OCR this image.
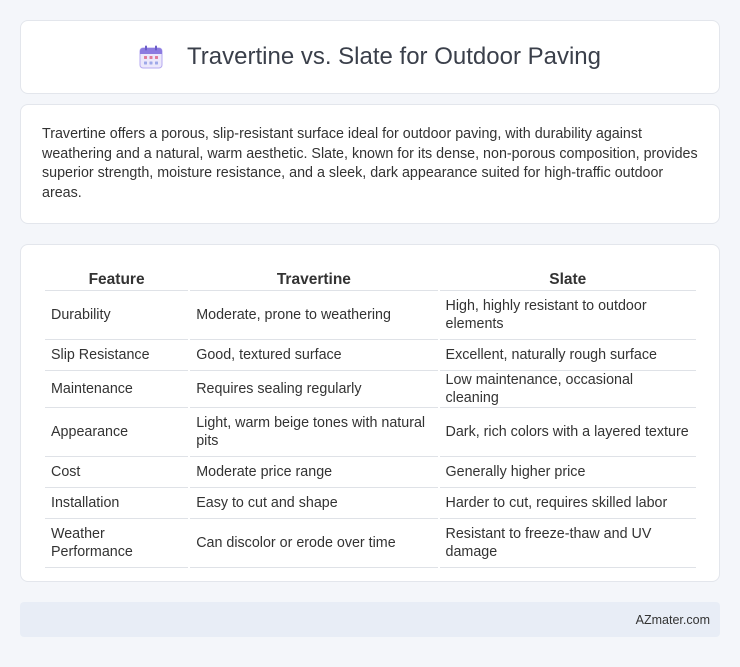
Travertine vs. Slate for Outdoor Paving

Travertine offers a porous, slip-resistant surface ideal for outdoor paving, with durability against weathering and a natural, warm aesthetic. Slate, known for its dense, non-porous composition, provides superior strength, moisture resistance, and a sleek, dark appearance suited for high-traffic outdoor areas.

Feature	Travertine	Slate
Durability	Moderate, prone to weathering	High, highly resistant to outdoor elements
Slip Resistance	Good, textured surface	Excellent, naturally rough surface
Maintenance	Requires sealing regularly	Low maintenance, occasional cleaning
Appearance	Light, warm beige tones with natural pits	Dark, rich colors with a layered texture
Cost	Moderate price range	Generally higher price
Installation	Easy to cut and shape	Harder to cut, requires skilled labor
Weather Performance	Can discolor or erode over time	Resistant to freeze-thaw and UV damage
AZmater.com
